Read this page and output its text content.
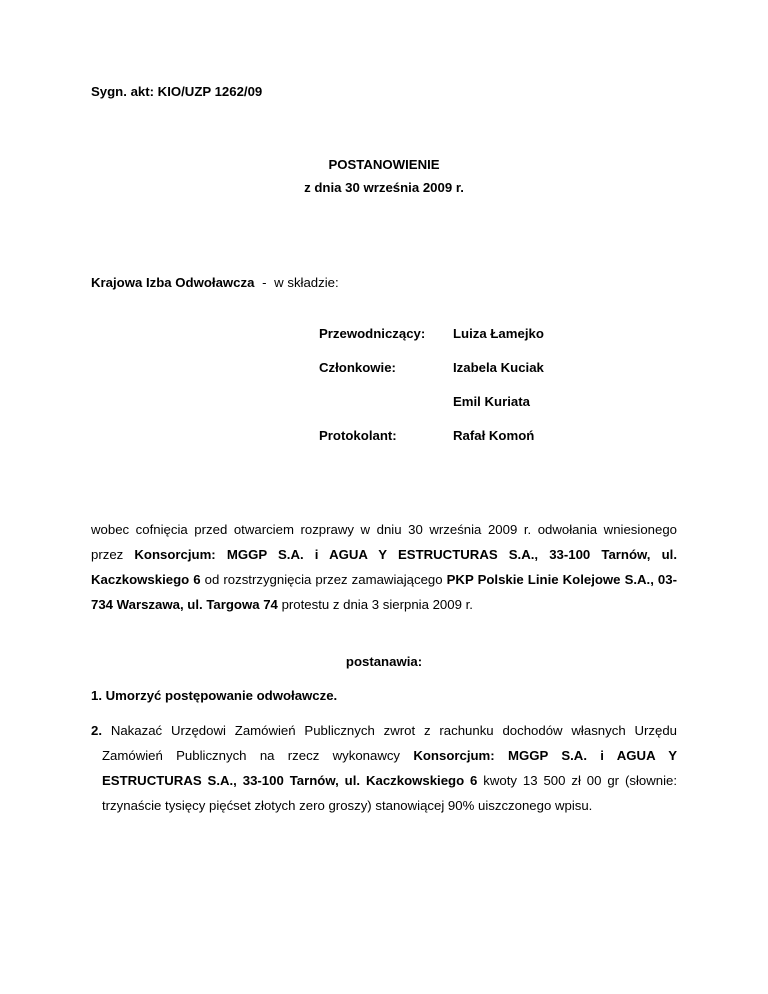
Sygn. akt: KIO/UZP 1262/09
POSTANOWIENIE
z dnia 30 września 2009 r.
Krajowa Izba Odwoławcza - w składzie:
Przewodniczący: Luiza Łamejko
Członkowie:	Izabela Kuciak
Emil Kuriata
Protokolant:	Rafał Komoń
wobec cofnięcia przed otwarciem rozprawy w dniu 30 września 2009 r. odwołania wniesionego przez Konsorcjum: MGGP S.A. i AGUA Y ESTRUCTURAS S.A., 33-100 Tarnów, ul. Kaczkowskiego 6 od rozstrzygnięcia przez zamawiającego PKP Polskie Linie Kolejowe S.A., 03-734 Warszawa, ul. Targowa 74 protestu z dnia 3 sierpnia 2009 r.
postanawia:
1. Umorzyć postępowanie odwoławcze.
2. Nakazać Urzędowi Zamówień Publicznych zwrot z rachunku dochodów własnych Urzędu Zamówień Publicznych na rzecz wykonawcy Konsorcjum: MGGP S.A. i AGUA Y ESTRUCTURAS S.A., 33-100 Tarnów, ul. Kaczkowskiego 6 kwoty 13 500 zł 00 gr (słownie: trzynaście tysięcy pięćset złotych zero groszy) stanowiącej 90% uiszczonego wpisu.
